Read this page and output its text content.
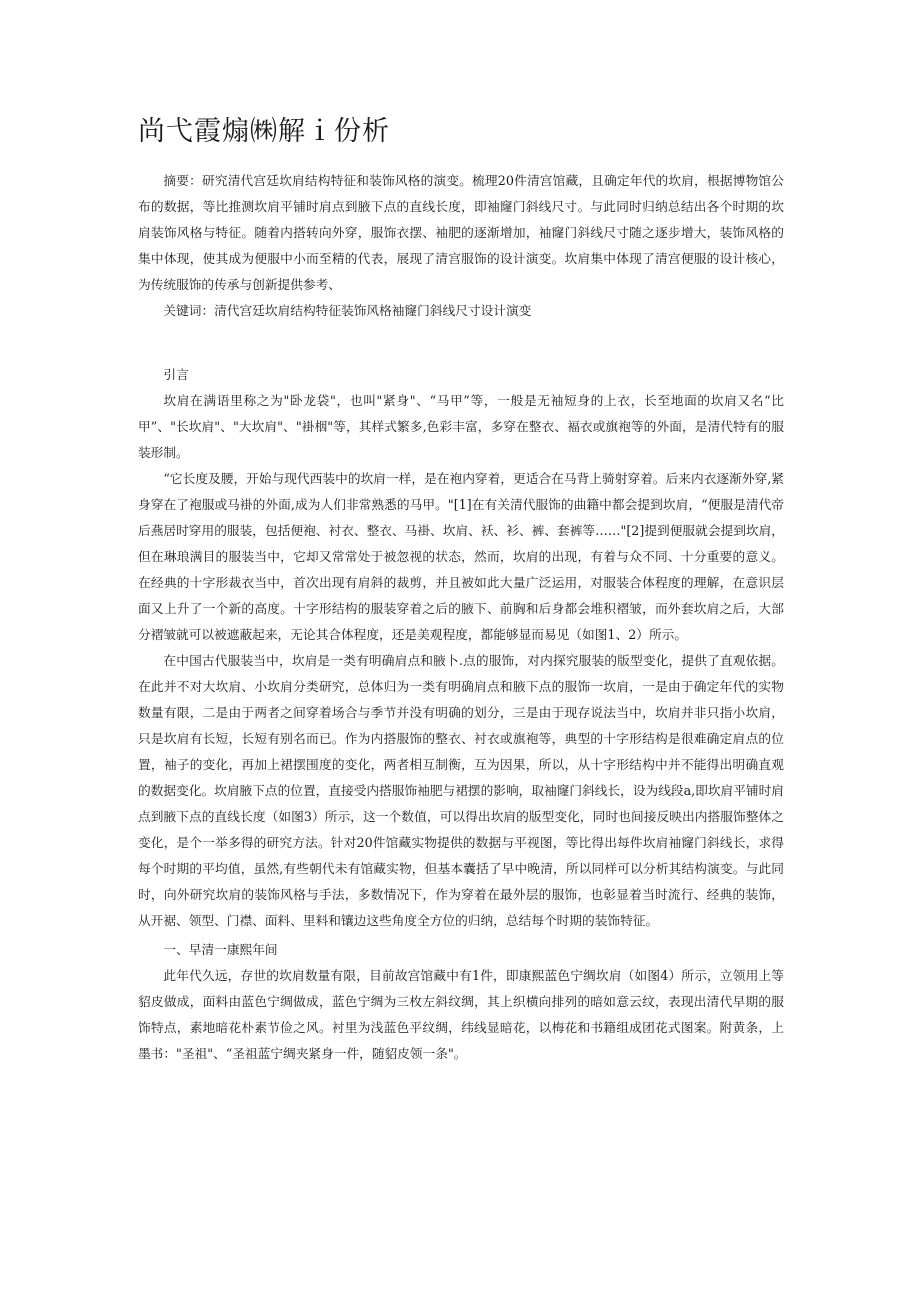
尚弋霞煽㈱解ｉ份析

摘要：研究清代宫廷坎肩结构特征和装饰风格的演变。梳理20件清宫馆藏，且确定年代的坎肩，根据博物馆公布的数据，等比推测坎肩平铺时肩点到腋下点的直线长度，即袖窿门斜线尺寸。与此同时归纳总结出各个时期的坎肩装饰风格与特征。随着内搭转向外穿，服饰衣摆、袖肥的逐渐增加，袖窿门斜线尺寸随之逐步增大，装饰风格的集中体现，使其成为便服中小而至精的代表，展现了清宫服饰的设计演变。坎肩集中体现了清宫便服的设计核心，为传统服饰的传承与创新提供参考、

关键词：清代宫廷坎肩结构特征装饰风格袖窿门斜线尺寸设计演变

引言

坎肩在满语里称之为"卧龙袋"，也叫"紧身"、“马甲”等，一般是无袖短身的上衣，长至地面的坎肩又名“比甲”、"长坎肩"、"大坎肩"、"褂栶"等，其样式繁多,色彩丰富，多穿在整衣、褔衣或旗袍等的外面，是清代特有的服装形制。

“它长度及腰，开始与现代西装中的坎肩一样，是在袍内穿着，更适合在马背上骑射穿着。后来内衣逐渐外穿,紧身穿在了袍服或马褂的外面,成为人们非常熟悉的马甲。"[1]在有关清代服饰的曲籍中都会提到坎肩，“便服是清代帝后燕居时穿用的服装，包括便袍、衬衣、整衣、马褂、坎肩、袄、衫、裤、套裤等……"[2]提到便服就会提到坎肩，但在琳琅满目的服装当中，它却又常常处于被忽视的状态，然而，坎肩的出现，有着与众不同、十分重要的意义。在经典的十字形裁衣当中，首次出现有肩斜的裁剪，并且被如此大量广泛运用，对服装合体程度的理解，在意识层面又上升了一个新的高度。十字形结构的服装穿着之后的腋下、前胸和后身都会堆积褶皱，而外套坎肩之后，大部分褶皱就可以被遮蔽起来，无论其合体程度，还是美观程度，都能够显而易见（如图1、2）所示。

在中国古代服装当中，坎肩是一类有明确肩点和腋卜.点的服饰，对内探究服装的版型变化，提供了直观依据。在此并不对大坎肩、小坎肩分类研究，总体归为一类有明确肩点和腋下点的服饰一坎肩，一是由于确定年代的实物数量有限，二是由于两者之间穿着场合与季节并没有明确的划分，三是由于现存说法当中，坎肩并非只指小坎肩，只是坎肩有长短，长短有别名而已。作为内搭服饰的整衣、衬衣或旗袍等，典型的十字形结构是很难确定肩点的位置，袖子的变化，再加上裙摆围度的变化，两者相互制衡，互为因果，所以，从十字形结构中并不能得出明确直观的数据变化。坎肩腋下点的位置，直接受内搭服饰袖肥与裙摆的影响，取袖窿门斜线长，设为线段a,即坎肩平铺时肩点到腋下点的直线长度（如图3）所示，这一个数值，可以得出坎肩的版型变化，同时也间接反映出内搭服饰整体之变化，是个一举多得的研究方法。针对20件馆藏实物提供的数据与平视图，等比得出每件坎肩袖窿门斜线长，求得每个时期的平均值，虽然,有些朝代未有馆藏实物，但基本囊括了早中晚清，所以同样可以分析其结构演变。与此同时，向外研究坎肩的装饰风格与手法，多数情况下，作为穿着在最外层的服饰，也彰显着当时流行、经典的装饰，从开裾、领型、门襟、面料、里料和镶边这些角度全方位的归纳，总结每个时期的装饰特征。

一、早清一康熙年间

此年代久远，存世的坎肩数量有限，目前故宫馆藏中有1件，即康熙蓝色宁绸坎肩（如图4）所示，立领用上等貂皮做成，面料由蓝色宁绸做成，蓝色宁绸为三枚左斜纹绸，其上织横向排列的暗如意云纹，表现出清代早期的服饰特点，素地暗花朴素节俭之风。衬里为浅蓝色平纹绸，纬线显暗花，以梅花和书籍组成团花式图案。附黄条，上墨书："圣祖"、“圣祖蓝宁绸夹紧身一件，随貂皮领一条"。
